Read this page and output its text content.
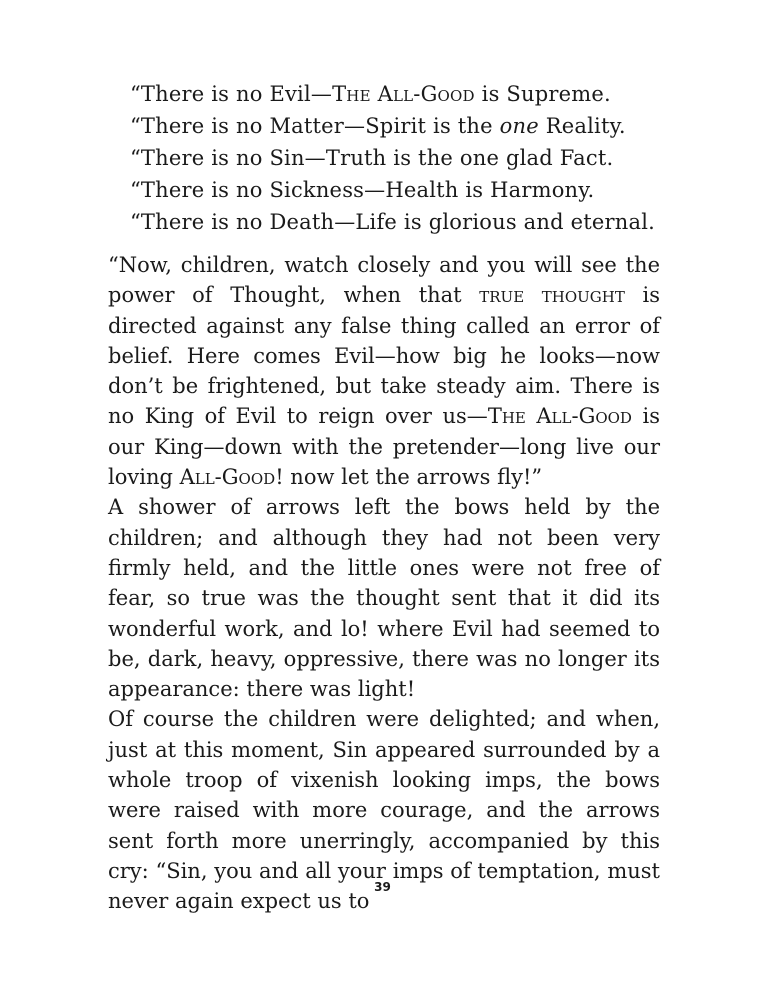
“There is no Evil—The All-Good is Supreme.
“There is no Matter—Spirit is the one Reality.
“There is no Sin—Truth is the one glad Fact.
“There is no Sickness—Health is Harmony.
“There is no Death—Life is glorious and eternal.

“Now, children, watch closely and you will see the power of Thought, when that true thought is directed against any false thing called an error of belief. Here comes Evil—how big he looks—now don’t be frightened, but take steady aim. There is no King of Evil to reign over us—The All-Good is our King—down with the pretender—long live our loving All-Good! now let the arrows fly!”

A shower of arrows left the bows held by the children; and although they had not been very firmly held, and the little ones were not free of fear, so true was the thought sent that it did its wonderful work, and lo! where Evil had seemed to be, dark, heavy, oppressive, there was no longer its appearance: there was light!

Of course the children were delighted; and when, just at this moment, Sin appeared surrounded by a whole troop of vixenish looking imps, the bows were raised with more courage, and the arrows sent forth more unerringly, accompanied by this cry: “Sin, you and all your imps of temptation, must never again expect us to

39
